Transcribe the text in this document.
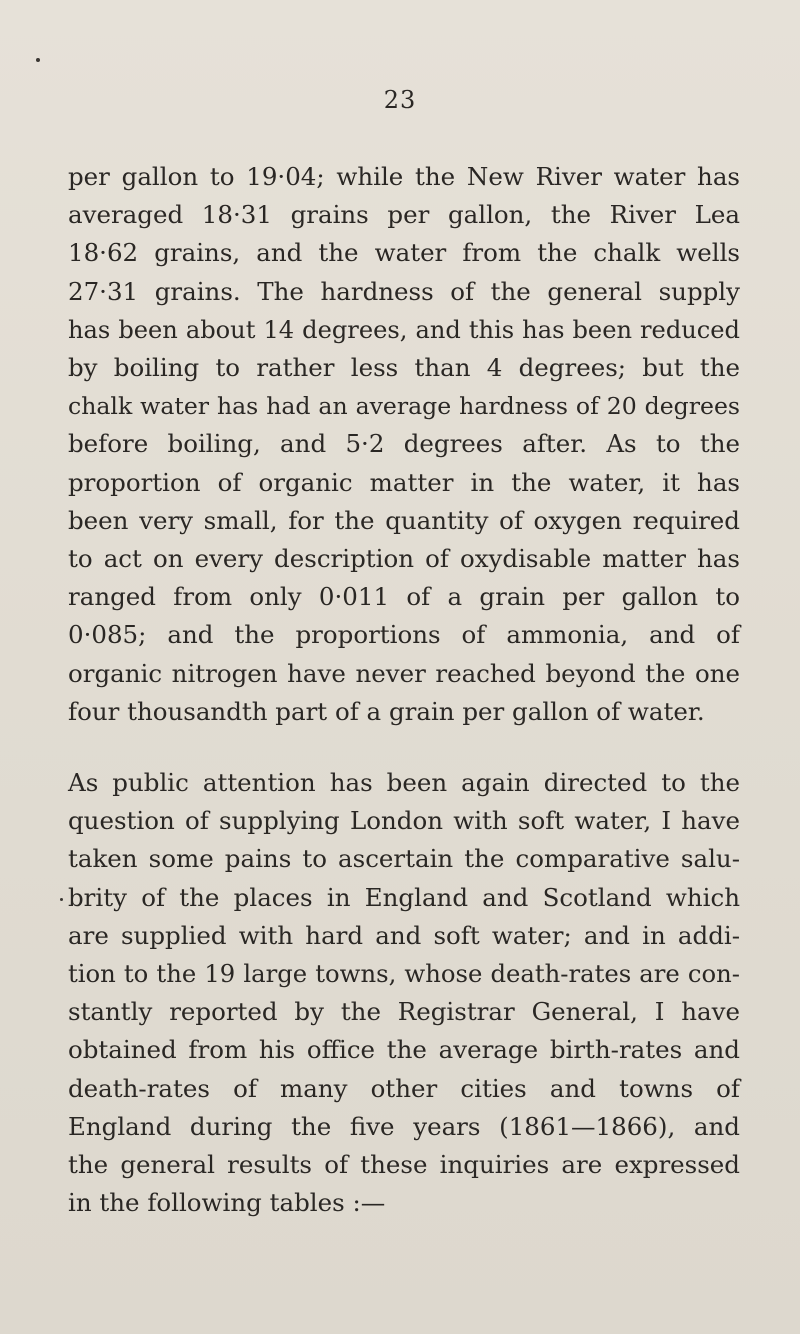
23
per gallon to 19·04; while the New River water has
averaged 18·31 grains per gallon, the River Lea
18·62 grains, and the water from the chalk wells
27·31 grains. The hardness of the general supply
has been about 14 degrees, and this has been reduced
by boiling to rather less than 4 degrees; but the
chalk water has had an average hardness of 20 degrees
before boiling, and 5·2 degrees after. As to the
proportion of organic matter in the water, it has
been very small, for the quantity of oxygen required
to act on every description of oxydisable matter has
ranged from only 0·011 of a grain per gallon to
0·085; and the proportions of ammonia, and of
organic nitrogen have never reached beyond the one
four thousandth part of a grain per gallon of water.
As public attention has been again directed to the
question of supplying London with soft water, I have
taken some pains to ascertain the comparative salu-
brity of the places in England and Scotland which
are supplied with hard and soft water; and in addi-
tion to the 19 large towns, whose death-rates are con-
stantly reported by the Registrar General, I have
obtained from his office the average birth-rates and
death-rates of many other cities and towns of
England during the five years (1861—1866), and
the general results of these inquiries are expressed
in the following tables :—
